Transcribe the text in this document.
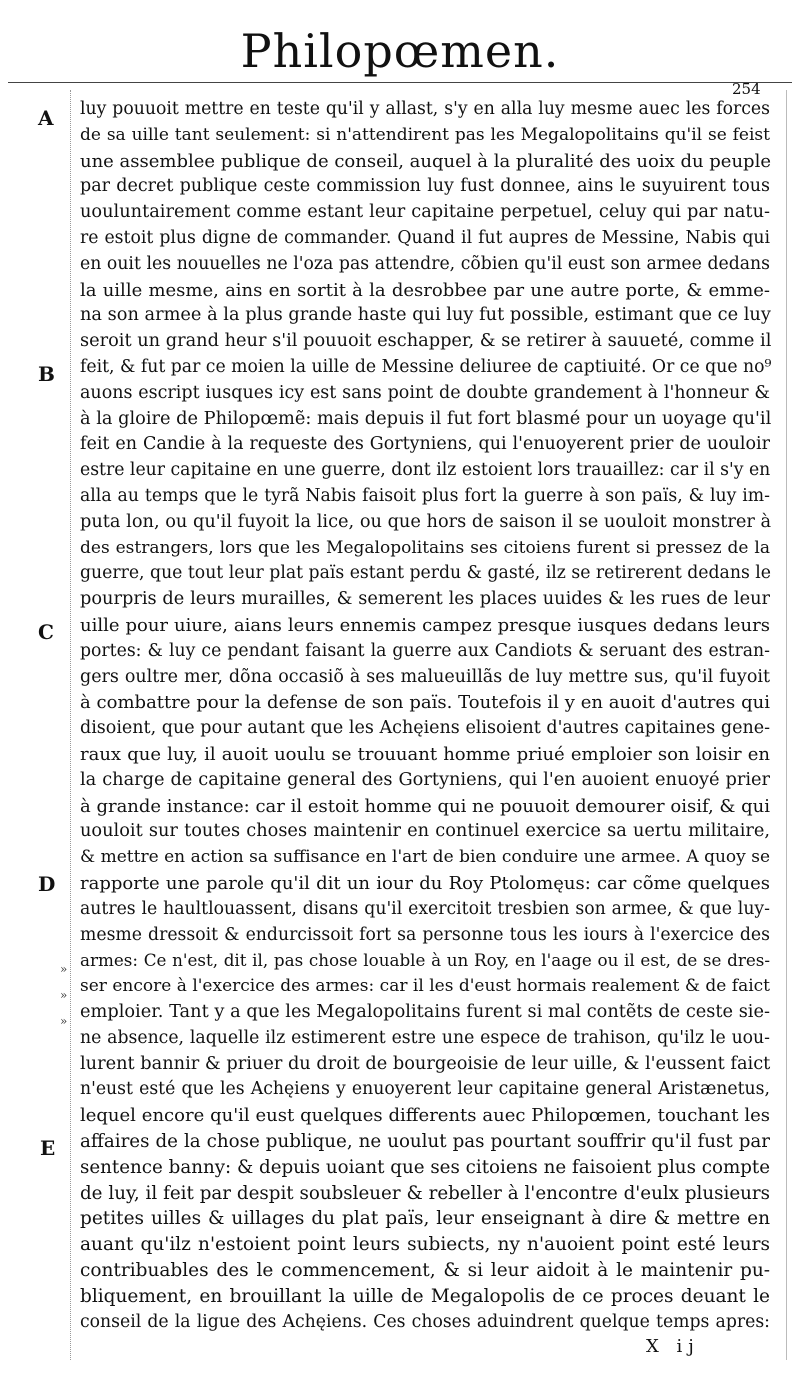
Philopœmen.
254
A
B
C
D
E
»
»
»
luy pouuoit mettre en teste qu'il y allast, s'y en alla luy mesme auec les forces
de sa uille tant seulement: si n'attendirent pas les Megalopolitains qu'il se feist
une assemblee publique de conseil, auquel à la pluralité des uoix du peuple
par decret publique ceste commission luy fust donnee, ains le suyuirent tous
uouluntairement comme estant leur capitaine perpetuel, celuy qui par natu-
re estoit plus digne de commander. Quand il fut aupres de Messine, Nabis qui
en ouit les nouuelles ne l'oza pas attendre, cõbien qu'il eust son armee dedans
la uille mesme, ains en sortit à la desrobbee par une autre porte, & emme-
na son armee à la plus grande haste qui luy fut possible, estimant que ce luy
seroit un grand heur s'il pouuoit eschapper, & se retirer à sauueté, comme il
feit, & fut par ce moien la uille de Messine deliuree de captiuité. Or ce que no⁹
auons escript iusques icy est sans point de doubte grandement à l'honneur &
à la gloire de Philopœmẽ: mais depuis il fut fort blasmé pour un uoyage qu'il
feit en Candie à la requeste des Gortyniens, qui l'enuoyerent prier de uouloir
estre leur capitaine en une guerre, dont ilz estoient lors trauaillez: car il s'y en
alla au temps que le tyrã Nabis faisoit plus fort la guerre à son païs, & luy im-
puta lon, ou qu'il fuyoit la lice, ou que hors de saison il se uouloit monstrer à
des estrangers, lors que les Megalopolitains ses citoiens furent si pressez de la
guerre, que tout leur plat païs estant perdu & gasté, ilz se retirerent dedans le
pourpris de leurs murailles, & semerent les places uuides & les rues de leur
uille pour uiure, aians leurs ennemis campez presque iusques dedans leurs
portes: & luy ce pendant faisant la guerre aux Candiots & seruant des estran-
gers oultre mer, dõna occasiõ à ses malueuillãs de luy mettre sus, qu'il fuyoit
à combattre pour la defense de son païs. Toutefois il y en auoit d'autres qui
disoient, que pour autant que les Achęiens elisoient d'autres capitaines gene-
raux que luy, il auoit uoulu se trouuant homme priué emploier son loisir en
la charge de capitaine general des Gortyniens, qui l'en auoient enuoyé prier
à grande instance: car il estoit homme qui ne pouuoit demourer oisif, & qui
uouloit sur toutes choses maintenir en continuel exercice sa uertu militaire,
& mettre en action sa suffisance en l'art de bien conduire une armee. A quoy se
rapporte une parole qu'il dit un iour du Roy Ptolomęus: car cõme quelques
autres le haultlouassent, disans qu'il exercitoit tresbien son armee, & que luy-
mesme dressoit & endurcissoit fort sa personne tous les iours à l'exercice des
armes: Ce n'est, dit il, pas chose louable à un Roy, en l'aage ou il est, de se dres-
ser encore à l'exercice des armes: car il les d'eust hormais realement & de faict
emploier. Tant y a que les Megalopolitains furent si mal contẽts de ceste sie-
ne absence, laquelle ilz estimerent estre une espece de trahison, qu'ilz le uou-
lurent bannir & priuer du droit de bourgeoisie de leur uille, & l'eussent faict
n'eust esté que les Achęiens y enuoyerent leur capitaine general Aristænetus,
lequel encore qu'il eust quelques differents auec Philopœmen, touchant les
affaires de la chose publique, ne uoulut pas pourtant souffrir qu'il fust par
sentence banny: & depuis uoiant que ses citoiens ne faisoient plus compte
de luy, il feit par despit soubsleuer & rebeller à l'encontre d'eulx plusieurs
petites uilles & uillages du plat païs, leur enseignant à dire & mettre en
auant qu'ilz n'estoient point leurs subiects, ny n'auoient point esté leurs
contribuables des le commencement, & si leur aidoit à le maintenir pu-
bliquement, en brouillant la uille de Megalopolis de ce proces deuant le
conseil de la ligue des Achęiens. Ces choses aduindrent quelque temps apres:
X ij
